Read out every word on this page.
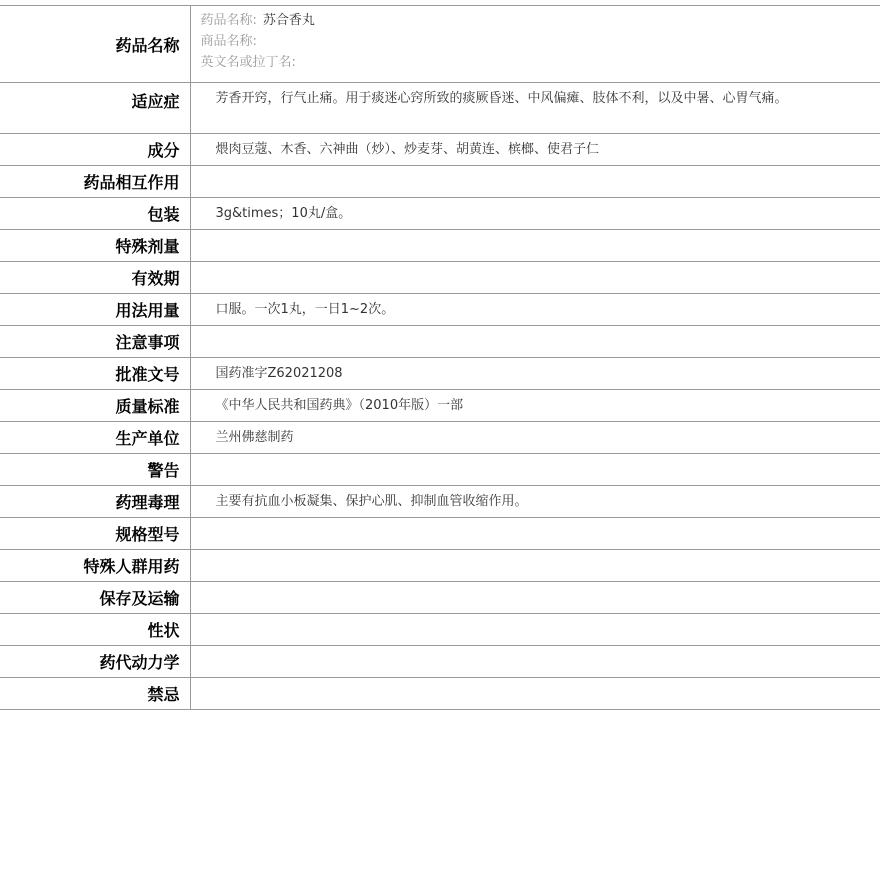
药品名称	药品名称: 苏合香丸
商品名称:
英文名或拉丁名:

适应症	芳香开窍，行气止痛。用于痰迷心窍所致的痰厥昏迷、中风偏瘫、肢体不利，以及中暑、心胃气痛。
成分	煨肉豆蔻、木香、六神曲（炒）、炒麦芽、胡黄连、槟榔、使君子仁
药品相互作用	
包装	3g&times；10丸/盒。
特殊剂量	
有效期	
用法用量	口服。一次1丸，一日1~2次。
注意事项	
批准文号	国药准字Z62021208
质量标准	《中华人民共和国药典》（2010年版）一部
生产单位	兰州佛慈制药
警告	
药理毒理	主要有抗血小板凝集、保护心肌、抑制血管收缩作用。
规格型号	
特殊人群用药	
保存及运输	
性状	
药代动力学	
禁忌	
